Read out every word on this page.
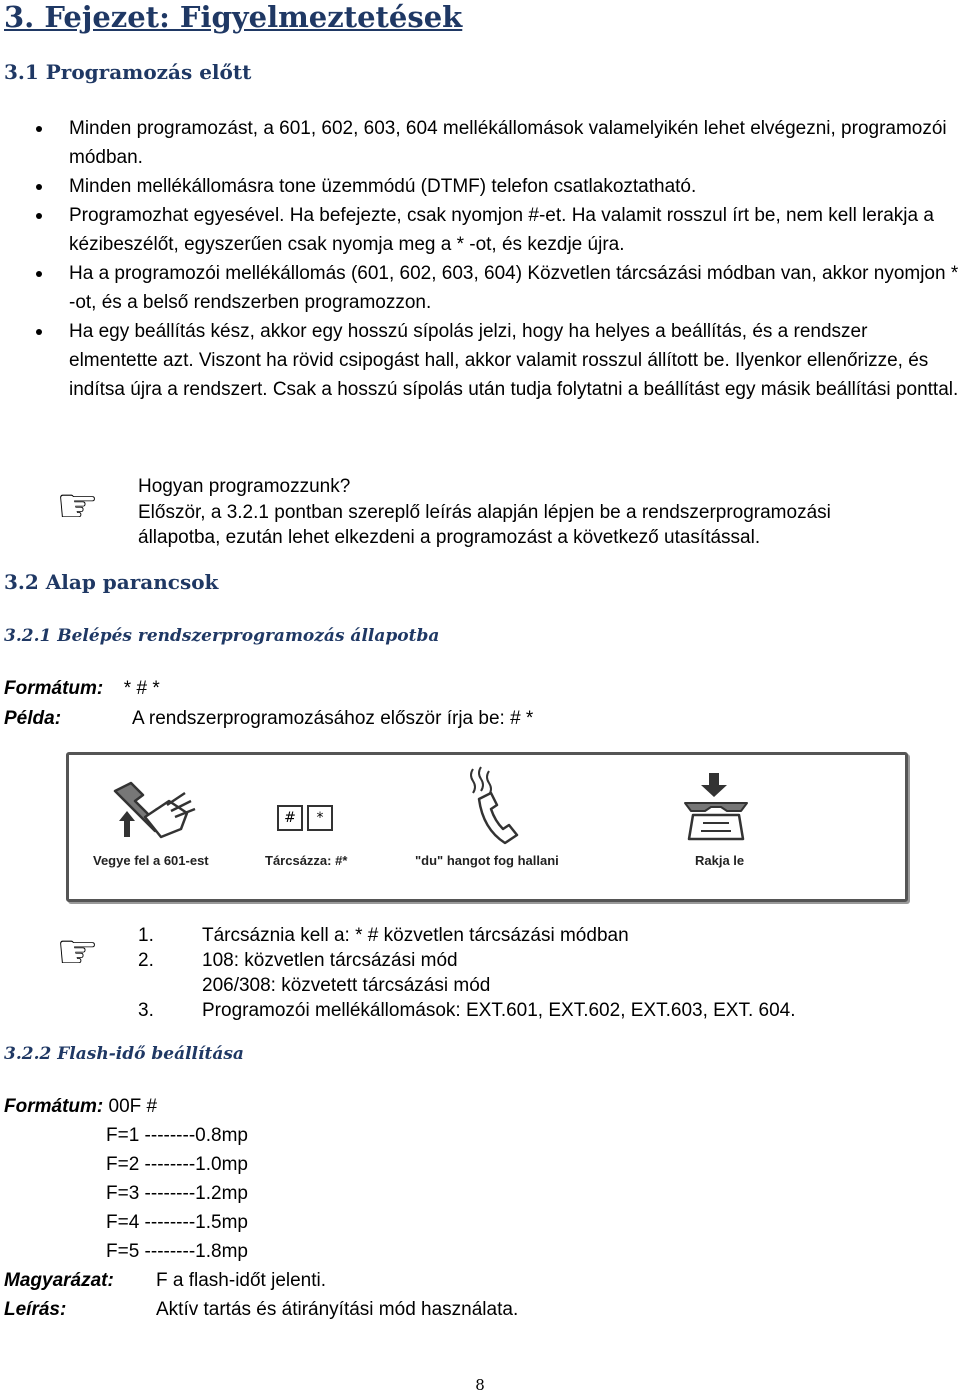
3. Fejezet: Figyelmeztetések
3.1 Programozás előtt
Minden programozást, a 601, 602, 603, 604 mellékállomások valamelyikén lehet elvégezni, programozói módban.
Minden mellékállomásra tone üzemmódú (DTMF) telefon csatlakoztatható.
Programozhat egyesével. Ha befejezte, csak nyomjon #-et. Ha valamit rosszul írt be, nem kell lerakja a kézibeszélőt, egyszerűen csak nyomja meg a * -ot, és kezdje újra.
Ha a programozói mellékállomás (601, 602, 603, 604) Közvetlen tárcsázási módban van, akkor nyomjon * -ot, és a belső rendszerben programozzon.
Ha egy beállítás kész, akkor egy hosszú sípolás jelzi, hogy ha helyes a beállítás, és a rendszer elmentette azt. Viszont ha rövid csipogást hall, akkor valamit rosszul állított be. Ilyenkor ellenőrizze, és indítsa újra a rendszert. Csak a hosszú sípolás után tudja folytatni a beállítást egy másik beállítási ponttal.
☞ Hogyan programozzunk?
Először, a 3.2.1 pontban szereplő leírás alapján lépjen be a rendszerprogramozási
állapotba, ezután lehet elkezdeni a programozást a következő utasítással.
3.2 Alap parancsok
3.2.1 Belépés rendszerprogramozás állapotba
Formátum: * # *
Példa:	A rendszerprogramozásához először írja be: # *
Vegye fel a 601-est
#	*
Tárcsázza: #*	"du" hangot fog hallani	Rakja le
☞ 1.	Tárcsáznia kell a: * # közvetlen tárcsázási módban
2.	108: közvetlen tárcsázási mód
206/308: közvetett tárcsázási mód
3.	Programozói mellékállomások: EXT.601, EXT.602, EXT.603, EXT. 604.
3.2.2 Flash-idő beállítása
Formátum: 00F #
F=1 --------0.8mp
F=2 --------1.0mp
F=3 --------1.2mp
F=4 --------1.5mp
F=5 --------1.8mp
Magyarázat: F a flash-időt jelenti.
Leírás:	Aktív tartás és átirányítási mód használata.
8
